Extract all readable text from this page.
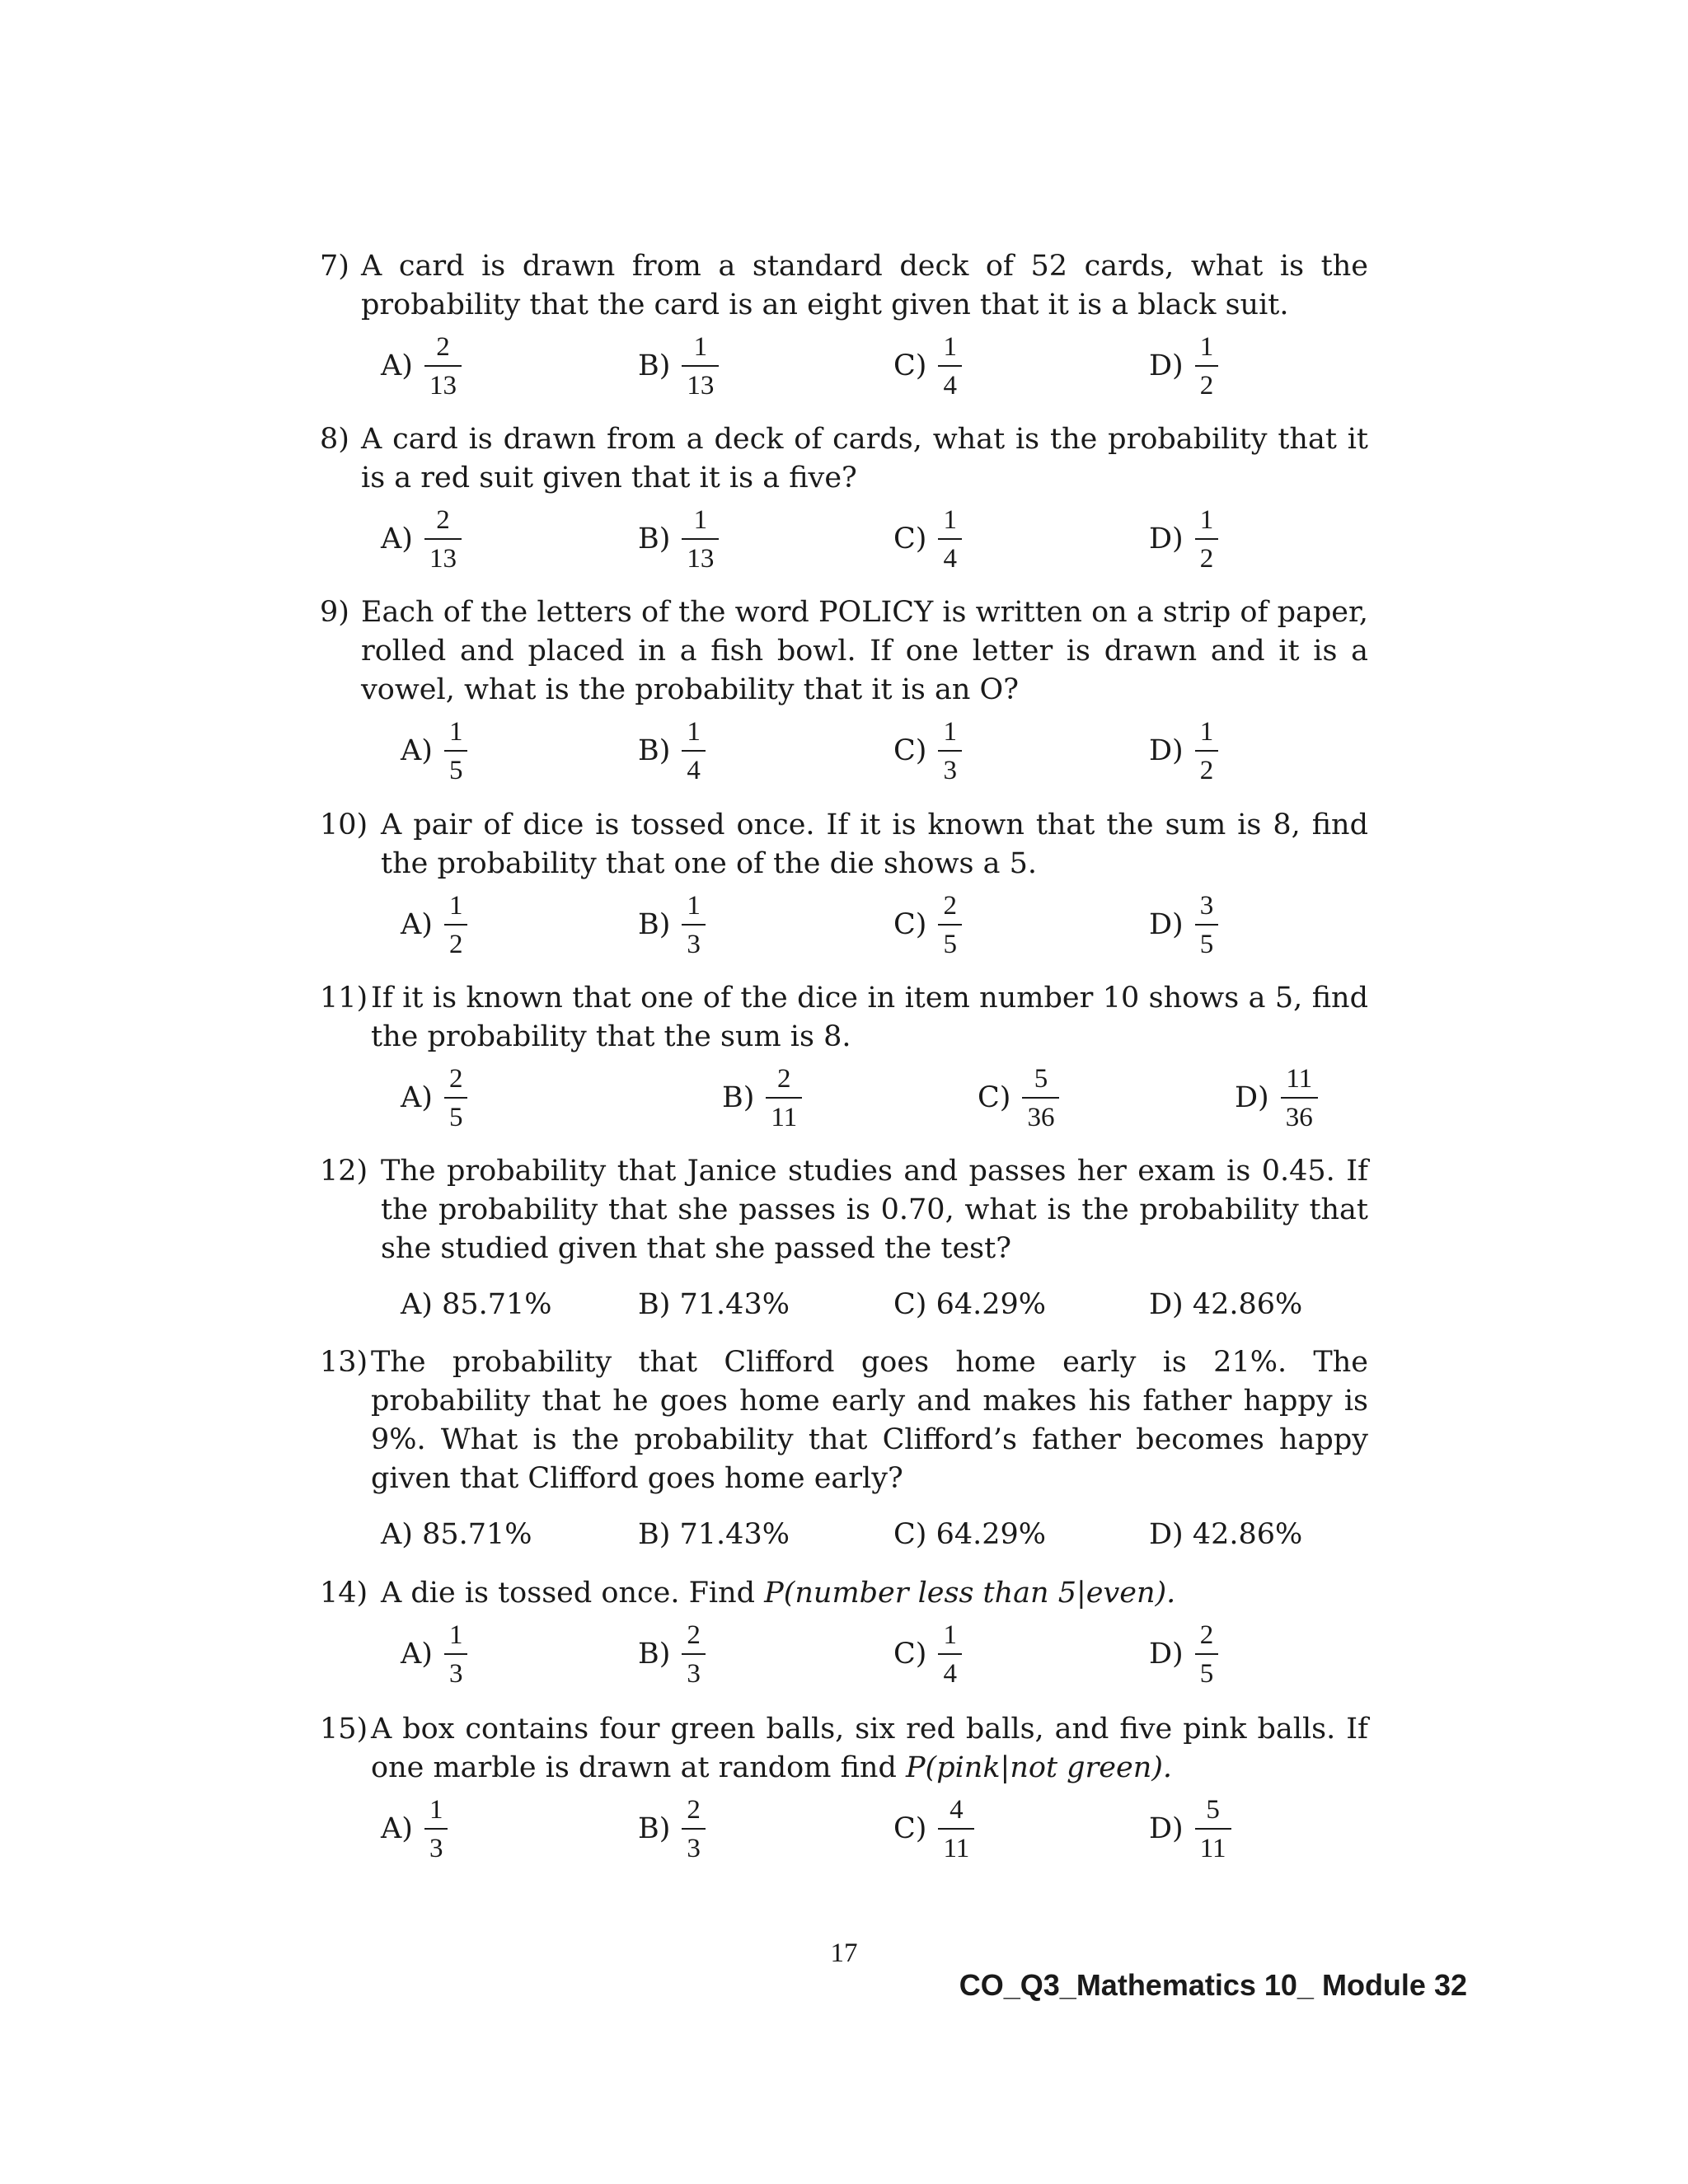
7) A card is drawn from a standard deck of 52 cards, what is the probability that the card is an eight given that it is a black suit.
$A) \frac{2}{13}$	$B) \frac{1}{13}$	$C) \frac{1}{4}$	$D) \frac{1}{2}$
8) A card is drawn from a deck of cards, what is the probability that it is a red suit given that it is a five?
$A) \frac{2}{13}$	$B) \frac{1}{13}$	$C) \frac{1}{4}$	$D) \frac{1}{2}$
9) Each of the letters of the word POLICY is written on a strip of paper, rolled and placed in a fish bowl. If one letter is drawn and it is a vowel, what is the probability that it is an O?
$A) \frac{1}{5}$	$B) \frac{1}{4}$	$C) \frac{1}{3}$	$D) \frac{1}{2}$
10) A pair of dice is tossed once. If it is known that the sum is 8, find the probability that one of the die shows a 5.
$A) \frac{1}{2}$	$B) \frac{1}{3}$	$C) \frac{2}{5}$	$D) \frac{3}{5}$
11) If it is known that one of the dice in item number 10 shows a 5, find the probability that the sum is 8.
$A) \frac{2}{5}$	$B) \frac{2}{11}$	$C) \frac{5}{36}$	$D) \frac{11}{36}$
12) The probability that Janice studies and passes her exam is 0.45. If the probability that she passes is 0.70, what is the probability that she studied given that she passed the test?
A)
85.71%	B)
71.43%	C)
64.29%	D)
42.86%
13) The probability that Clifford goes home early is 21%. The probability that he goes home early and makes his father happy is 9%. What is the probability that Clifford’s father becomes happy given that Clifford goes home early?
A)
85.71%	B)
71.43%	C)
64.29%	D)
42.86%
14) A die is tossed once. Find P(number less than 5|even).
$A) \frac{1}{3}$	$B) \frac{2}{3}$	$C) \frac{1}{4}$	$D) \frac{2}{5}$
15) A box contains four green balls, six red balls, and five pink balls. If one marble is drawn at random find P(pink|not green).
$A) \frac{1}{3}$	$B) \frac{2}{3}$	$C) \frac{4}{11}$	$D) \frac{5}{11}$
17
CO_Q3_Mathematics 10_ Module 32
